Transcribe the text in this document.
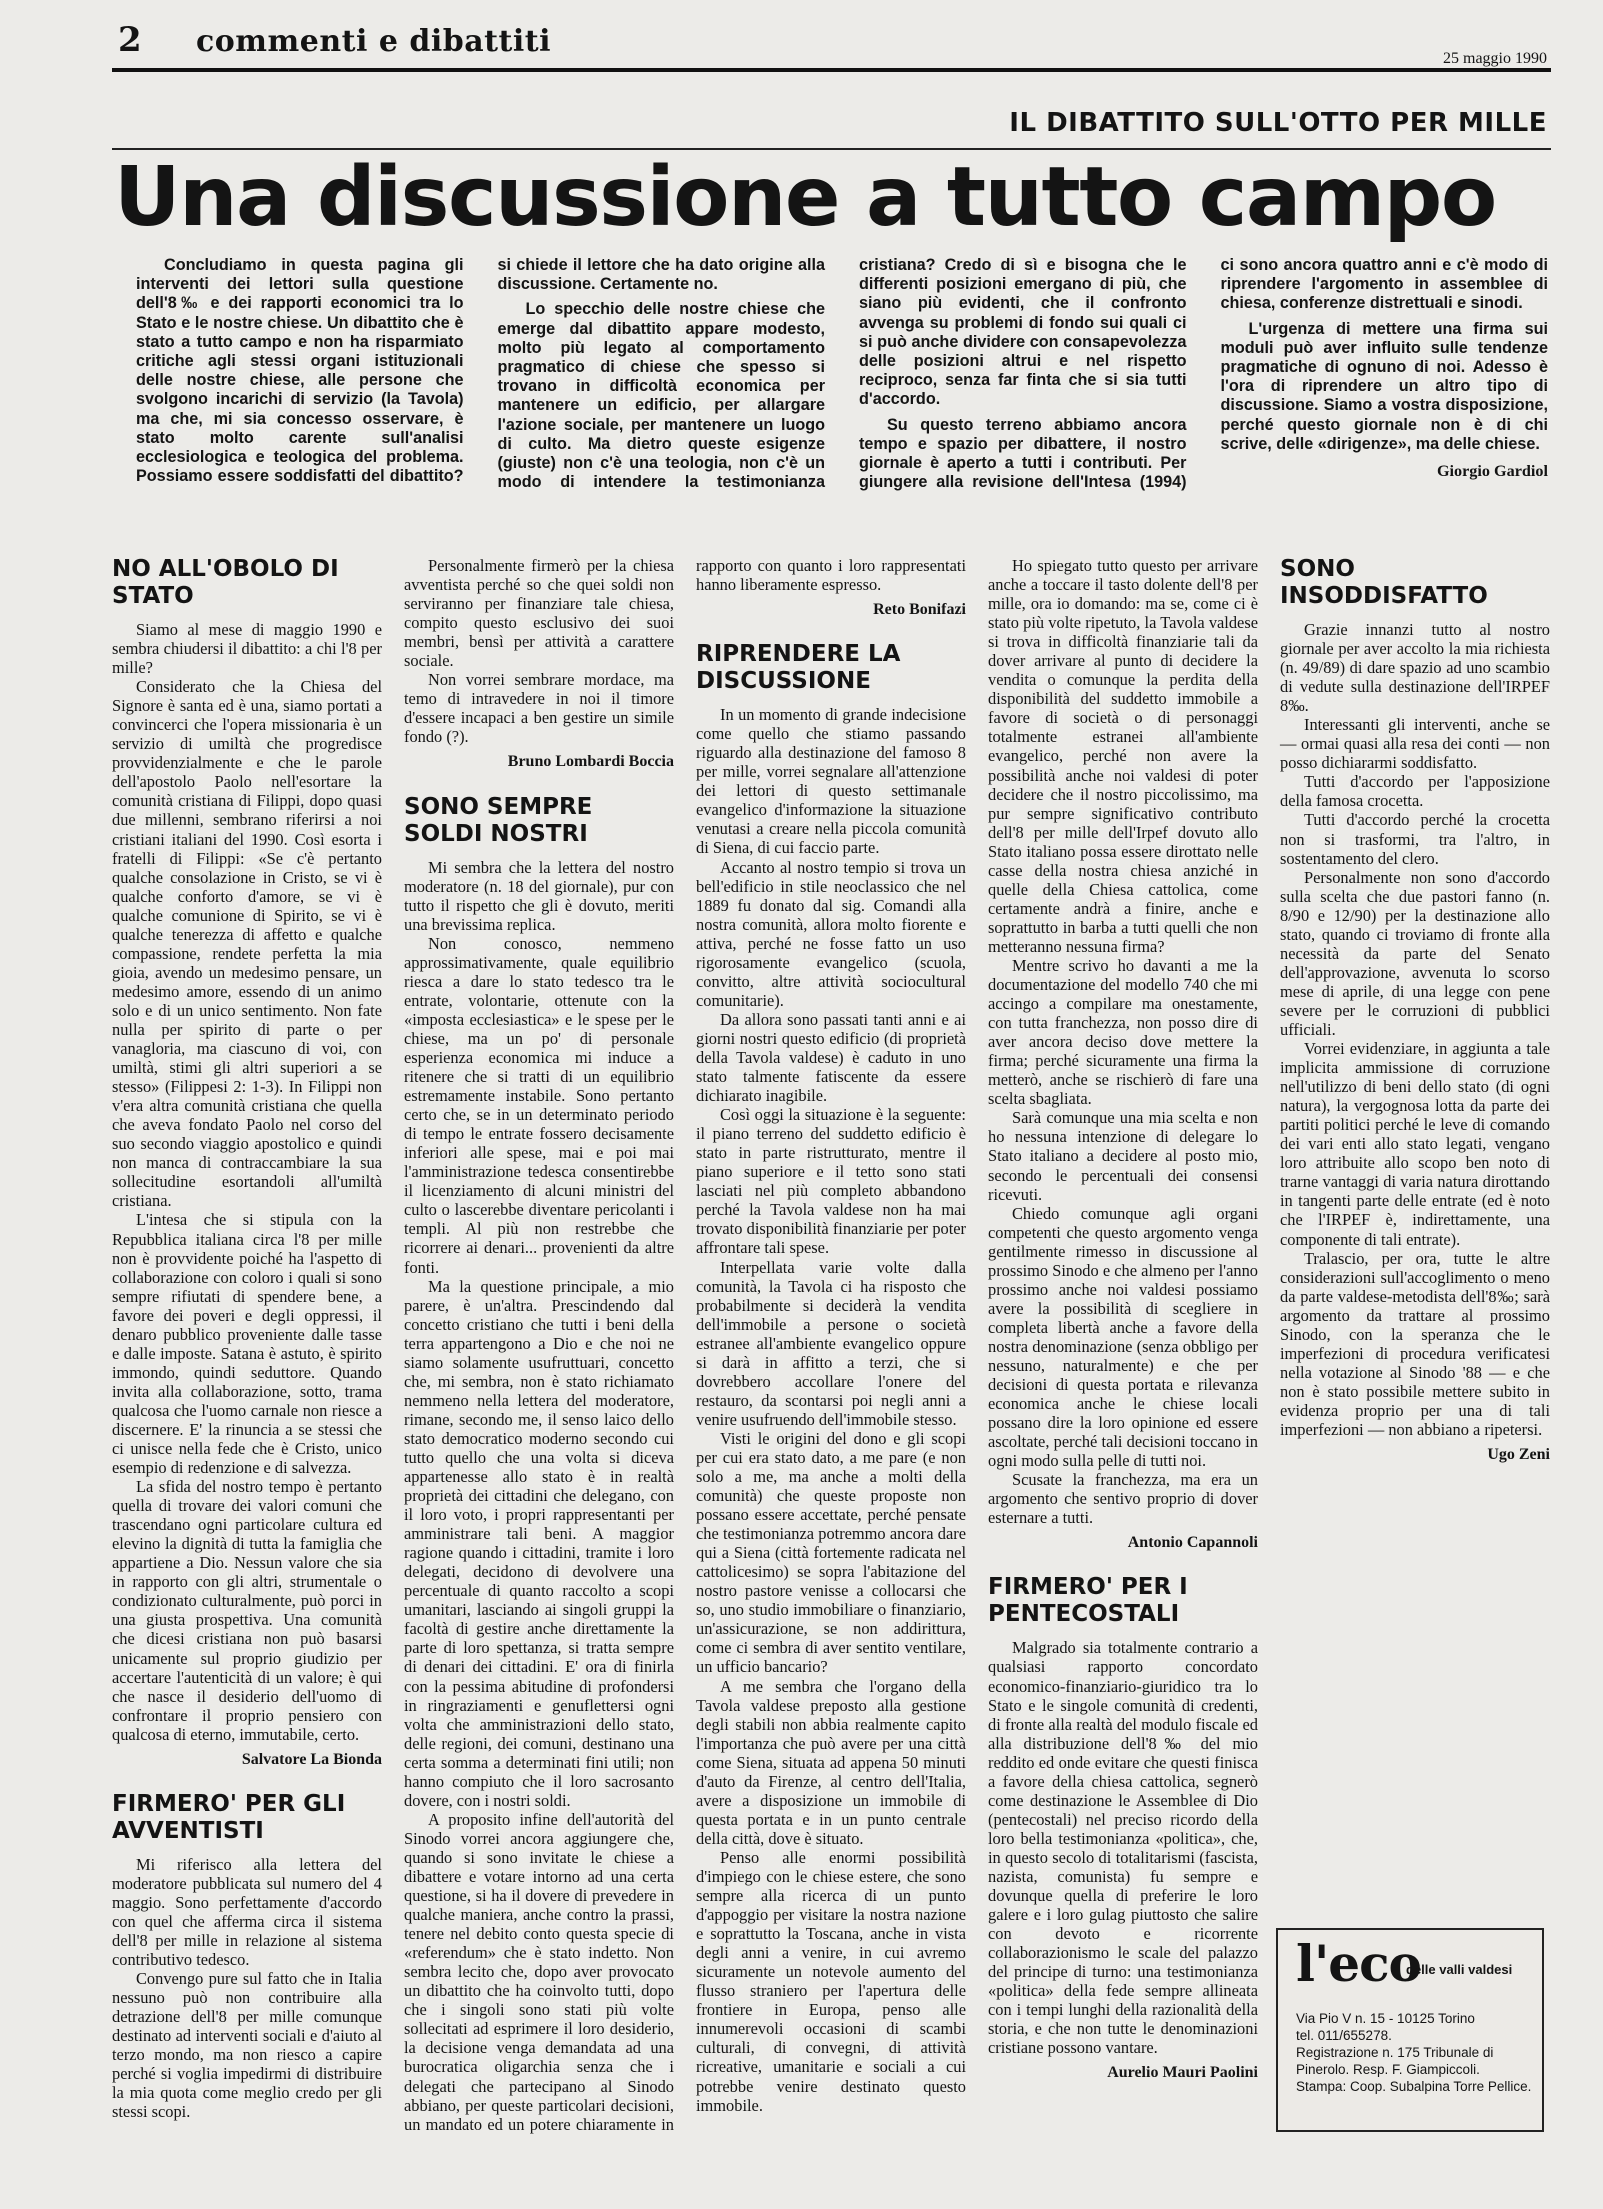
2 commenti e dibattiti	25 maggio 1990
IL DIBATTITO SULL'OTTO PER MILLE
Una discussione a tutto campo

Concludiamo in questa pagina gli interventi dei lettori sulla questione dell'8‰ e dei rapporti economici tra lo Stato e le nostre chiese. Un dibattito che è stato a tutto campo e non ha risparmiato critiche agli stessi organi istituzionali delle nostre chiese, alle persone che svolgono incarichi di servizio (la Tavola) ma che, mi sia concesso osservare, è stato molto carente sull'analisi ecclesiologica e teologica del problema. Possiamo essere soddisfatti del dibattito? si chiede il lettore che ha dato origine alla discussione. Certamente no.

Lo specchio delle nostre chiese che emerge dal dibattito appare modesto, molto più legato al comportamento pragmatico di chiese che spesso si trovano in difficoltà economica per mantenere un edificio, per allargare l'azione sociale, per mantenere un luogo di culto. Ma dietro queste esigenze (giuste) non c'è una teologia, non c'è un modo di intendere la testimonianza cristiana? Credo di sì e bisogna che le differenti posizioni emergano di più, che siano più evidenti, che il confronto avvenga su problemi di fondo sui quali ci si può anche dividere con consapevolezza delle posizioni altrui e nel rispetto reciproco, senza far finta che si sia tutti d'accordo.

Su questo terreno abbiamo ancora tempo e spazio per dibattere, il nostro giornale è aperto a tutti i contributi. Per giungere alla revisione dell'Intesa (1994) ci sono ancora quattro anni e c'è modo di riprendere l'argomento in assemblee di chiesa, conferenze distrettuali e sinodi.

L'urgenza di mettere una firma sui moduli può aver influito sulle tendenze pragmatiche di ognuno di noi. Adesso è l'ora di riprendere un altro tipo di discussione. Siamo a vostra disposizione, perché questo giornale non è di chi scrive, delle «dirigenze», ma delle chiese.

Giorgio Gardiol

NO ALL'OBOLO DI STATO

Siamo al mese di maggio 1990 e sembra chiudersi il dibattito: a chi l'8 per mille?

Considerato che la Chiesa del Signore è santa ed è una, siamo portati a convincerci che l'opera missionaria è un servizio di umiltà che progredisce provvidenzialmente e che le parole dell'apostolo Paolo nell'esortare la comunità cristiana di Filippi, dopo quasi due millenni, sembrano riferirsi a noi cristiani italiani del 1990. Così esorta i fratelli di Filippi: «Se c'è pertanto qualche consolazione in Cristo, se vi è qualche conforto d'amore, se vi è qualche comunione di Spirito, se vi è qualche tenerezza di affetto e qualche compassione, rendete perfetta la mia gioia, avendo un medesimo pensare, un medesimo amore, essendo di un animo solo e di un unico sentimento. Non fate nulla per spirito di parte o per vanagloria, ma ciascuno di voi, con umiltà, stimi gli altri superiori a se stesso» (Filippesi 2: 1-3). In Filippi non v'era altra comunità cristiana che quella che aveva fondato Paolo nel corso del suo secondo viaggio apostolico e quindi non manca di contraccambiare la sua sollecitudine esortandoli all'umiltà cristiana.

L'intesa che si stipula con la Repubblica italiana circa l'8 per mille non è provvidente poiché ha l'aspetto di collaborazione con coloro i quali si sono sempre rifiutati di spendere bene, a favore dei poveri e degli oppressi, il denaro pubblico proveniente dalle tasse e dalle imposte. Satana è astuto, è spirito immondo, quindi seduttore. Quando invita alla collaborazione, sotto, trama qualcosa che l'uomo carnale non riesce a discernere. E' la rinuncia a se stessi che ci unisce nella fede che è Cristo, unico esempio di redenzione e di salvezza.

La sfida del nostro tempo è pertanto quella di trovare dei valori comuni che trascendano ogni particolare cultura ed elevino la dignità di tutta la famiglia che appartiene a Dio. Nessun valore che sia in rapporto con gli altri, strumentale o condizionato culturalmente, può porci in una giusta prospettiva. Una comunità che dicesi cristiana non può basarsi unicamente sul proprio giudizio per accertare l'autenticità di un valore; è qui che nasce il desiderio dell'uomo di confrontare il proprio pensiero con qualcosa di eterno, immutabile, certo.

Salvatore La Bionda

FIRMERO' PER GLI AVVENTISTI

Mi riferisco alla lettera del moderatore pubblicata sul numero del 4 maggio. Sono perfettamente d'accordo con quel che afferma circa il sistema dell'8 per mille in relazione al sistema contributivo tedesco.

Convengo pure sul fatto che in Italia nessuno può non contribuire alla detrazione dell'8 per mille comunque destinato ad interventi sociali e d'aiuto al terzo mondo, ma non riesco a capire perché si voglia impedirmi di distribuire la mia quota come meglio credo per gli stessi scopi.

Personalmente firmerò per la chiesa avventista perché so che quei soldi non serviranno per finanziare tale chiesa, compito questo esclusivo dei suoi membri, bensì per attività a carattere sociale.

Non vorrei sembrare mordace, ma temo di intravedere in noi il timore d'essere incapaci a ben gestire un simile fondo (?).

Bruno Lombardi Boccia

SONO SEMPRE SOLDI NOSTRI

Mi sembra che la lettera del nostro moderatore (n. 18 del giornale), pur con tutto il rispetto che gli è dovuto, meriti una brevissima replica.

Non conosco, nemmeno approssimativamente, quale equilibrio riesca a dare lo stato tedesco tra le entrate, volontarie, ottenute con la «imposta ecclesiastica» e le spese per le chiese, ma un po' di personale esperienza economica mi induce a ritenere che si tratti di un equilibrio estremamente instabile. Sono pertanto certo che, se in un determinato periodo di tempo le entrate fossero decisamente inferiori alle spese, mai e poi mai l'amministrazione tedesca consentirebbe il licenziamento di alcuni ministri del culto o lascerebbe diventare pericolanti i templi. Al più non restrebbe che ricorrere ai denari... provenienti da altre fonti.

Ma la questione principale, a mio parere, è un'altra. Prescindendo dal concetto cristiano che tutti i beni della terra appartengono a Dio e che noi ne siamo solamente usufruttuari, concetto che, mi sembra, non è stato richiamato nemmeno nella lettera del moderatore, rimane, secondo me, il senso laico dello stato democratico moderno secondo cui tutto quello che una volta si diceva appartenesse allo stato è in realtà proprietà dei cittadini che delegano, con il loro voto, i propri rappresentanti per amministrare tali beni. A maggior ragione quando i cittadini, tramite i loro delegati, decidono di devolvere una percentuale di quanto raccolto a scopi umanitari, lasciando ai singoli gruppi la facoltà di gestire anche direttamente la parte di loro spettanza, si tratta sempre di denari dei cittadini. E' ora di finirla con la pessima abitudine di profondersi in ringraziamenti e genuflettersi ogni volta che amministrazioni dello stato, delle regioni, dei comuni, destinano una certa somma a determinati fini utili; non hanno compiuto che il loro sacrosanto dovere, con i nostri soldi.

A proposito infine dell'autorità del Sinodo vorrei ancora aggiungere che, quando si sono invitate le chiese a dibattere e votare intorno ad una certa questione, si ha il dovere di prevedere in qualche maniera, anche contro la prassi, tenere nel debito conto questa specie di «referendum» che è stato indetto. Non sembra lecito che, dopo aver provocato un dibattito che ha coinvolto tutti, dopo che i singoli sono stati più volte sollecitati ad esprimere il loro desiderio, la decisione venga demandata ad una burocratica oligarchia senza che i delegati che partecipano al Sinodo abbiano, per queste particolari decisioni, un mandato ed un potere chiaramente in rapporto con quanto i loro rappresentati hanno liberamente espresso.

Reto Bonifazi

RIPRENDERE LA DISCUSSIONE

In un momento di grande indecisione come quello che stiamo passando riguardo alla destinazione del famoso 8 per mille, vorrei segnalare all'attenzione dei lettori di questo settimanale evangelico d'informazione la situazione venutasi a creare nella piccola comunità di Siena, di cui faccio parte.

Accanto al nostro tempio si trova un bell'edificio in stile neoclassico che nel 1889 fu donato dal sig. Comandi alla nostra comunità, allora molto fiorente e attiva, perché ne fosse fatto un uso rigorosamente evangelico (scuola, convitto, altre attività sociocultural comunitarie).

Da allora sono passati tanti anni e ai giorni nostri questo edificio (di proprietà della Tavola valdese) è caduto in uno stato talmente fatiscente da essere dichiarato inagibile.

Così oggi la situazione è la seguente: il piano terreno del suddetto edificio è stato in parte ristrutturato, mentre il piano superiore e il tetto sono stati lasciati nel più completo abbandono perché la Tavola valdese non ha mai trovato disponibilità finanziarie per poter affrontare tali spese.

Interpellata varie volte dalla comunità, la Tavola ci ha risposto che probabilmente si deciderà la vendita dell'immobile a persone o società estranee all'ambiente evangelico oppure si darà in affitto a terzi, che si dovrebbero accollare l'onere del restauro, da scontarsi poi negli anni a venire usufruendo dell'immobile stesso.

Visti le origini del dono e gli scopi per cui era stato dato, a me pare (e non solo a me, ma anche a molti della comunità) che queste proposte non possano essere accettate, perché pensate che testimonianza potremmo ancora dare qui a Siena (città fortemente radicata nel cattolicesimo) se sopra l'abitazione del nostro pastore venisse a collocarsi che so, uno studio immobiliare o finanziario, un'assicurazione, se non addirittura, come ci sembra di aver sentito ventilare, un ufficio bancario?

A me sembra che l'organo della Tavola valdese preposto alla gestione degli stabili non abbia realmente capito l'importanza che può avere per una città come Siena, situata ad appena 50 minuti d'auto da Firenze, al centro dell'Italia, avere a disposizione un immobile di questa portata e in un punto centrale della città, dove è situato.

Penso alle enormi possibilità d'impiego con le chiese estere, che sono sempre alla ricerca di un punto d'appoggio per visitare la nostra nazione e soprattutto la Toscana, anche in vista degli anni a venire, in cui avremo sicuramente un notevole aumento del flusso straniero per l'apertura delle frontiere in Europa, penso alle innumerevoli occasioni di scambi culturali, di convegni, di attività ricreative, umanitarie e sociali a cui potrebbe venire destinato questo immobile.

Ho spiegato tutto questo per arrivare anche a toccare il tasto dolente dell'8 per mille, ora io domando: ma se, come ci è stato più volte ripetuto, la Tavola valdese si trova in difficoltà finanziarie tali da dover arrivare al punto di decidere la vendita o comunque la perdita della disponibilità del suddetto immobile a favore di società o di personaggi totalmente estranei all'ambiente evangelico, perché non avere la possibilità anche noi valdesi di poter decidere che il nostro piccolissimo, ma pur sempre significativo contributo dell'8 per mille dell'Irpef dovuto allo Stato italiano possa essere dirottato nelle casse della nostra chiesa anziché in quelle della Chiesa cattolica, come certamente andrà a finire, anche e soprattutto in barba a tutti quelli che non metteranno nessuna firma?

Mentre scrivo ho davanti a me la documentazione del modello 740 che mi accingo a compilare ma onestamente, con tutta franchezza, non posso dire di aver ancora deciso dove mettere la firma; perché sicuramente una firma la metterò, anche se rischierò di fare una scelta sbagliata.

Sarà comunque una mia scelta e non ho nessuna intenzione di delegare lo Stato italiano a decidere al posto mio, secondo le percentuali dei consensi ricevuti.

Chiedo comunque agli organi competenti che questo argomento venga gentilmente rimesso in discussione al prossimo Sinodo e che almeno per l'anno prossimo anche noi valdesi possiamo avere la possibilità di scegliere in completa libertà anche a favore della nostra denominazione (senza obbligo per nessuno, naturalmente) e che per decisioni di questa portata e rilevanza economica anche le chiese locali possano dire la loro opinione ed essere ascoltate, perché tali decisioni toccano in ogni modo sulla pelle di tutti noi.

Scusate la franchezza, ma era un argomento che sentivo proprio di dover esternare a tutti.

Antonio Capannoli

FIRMERO' PER I PENTECOSTALI

Malgrado sia totalmente contrario a qualsiasi rapporto concordato economico-finanziario-giuridico tra lo Stato e le singole comunità di credenti, di fronte alla realtà del modulo fiscale ed alla distribuzione dell'8‰ del mio reddito ed onde evitare che questi finisca a favore della chiesa cattolica, segnerò come destinazione le Assemblee di Dio (pentecostali) nel preciso ricordo della loro bella testimonianza «politica», che, in questo secolo di totalitarismi (fascista, nazista, comunista) fu sempre e dovunque quella di preferire le loro galere e i loro gulag piuttosto che salire con devoto e ricorrente collaborazionismo le scale del palazzo del principe di turno: una testimonianza «politica» della fede sempre allineata con i tempi lunghi della razionalità della storia, e che non tutte le denominazioni cristiane possono vantare.

Aurelio Mauri Paolini

SONO INSODDISFATTO

Grazie innanzi tutto al nostro giornale per aver accolto la mia richiesta (n. 49/89) di dare spazio ad uno scambio di vedute sulla destinazione dell'IRPEF 8‰.

Interessanti gli interventi, anche se — ormai quasi alla resa dei conti — non posso dichiararmi soddisfatto.

Tutti d'accordo per l'apposizione della famosa crocetta.

Tutti d'accordo perché la crocetta non si trasformi, tra l'altro, in sostentamento del clero.

Personalmente non sono d'accordo sulla scelta che due pastori fanno (n. 8/90 e 12/90) per la destinazione allo stato, quando ci troviamo di fronte alla necessità da parte del Senato dell'approvazione, avvenuta lo scorso mese di aprile, di una legge con pene severe per le corruzioni di pubblici ufficiali.

Vorrei evidenziare, in aggiunta a tale implicita ammissione di corruzione nell'utilizzo di beni dello stato (di ogni natura), la vergognosa lotta da parte dei partiti politici perché le leve di comando dei vari enti allo stato legati, vengano loro attribuite allo scopo ben noto di trarne vantaggi di varia natura dirottando in tangenti parte delle entrate (ed è noto che l'IRPEF è, indirettamente, una componente di tali entrate).

Tralascio, per ora, tutte le altre considerazioni sull'accoglimento o meno da parte valdese-metodista dell'8‰; sarà argomento da trattare al prossimo Sinodo, con la speranza che le imperfezioni di procedura verificatesi nella votazione al Sinodo '88 — e che non è stato possibile mettere subito in evidenza proprio per una di tali imperfezioni — non abbiano a ripetersi.

Ugo Zeni

l'eco
delle valli valdesi
Via Pio V n. 15 - 10125 Torino
tel. 011/655278.
Registrazione n. 175 Tribunale di Pinerolo. Resp. F. Giampiccoli. Stampa: Coop. Subalpina Torre Pellice.
